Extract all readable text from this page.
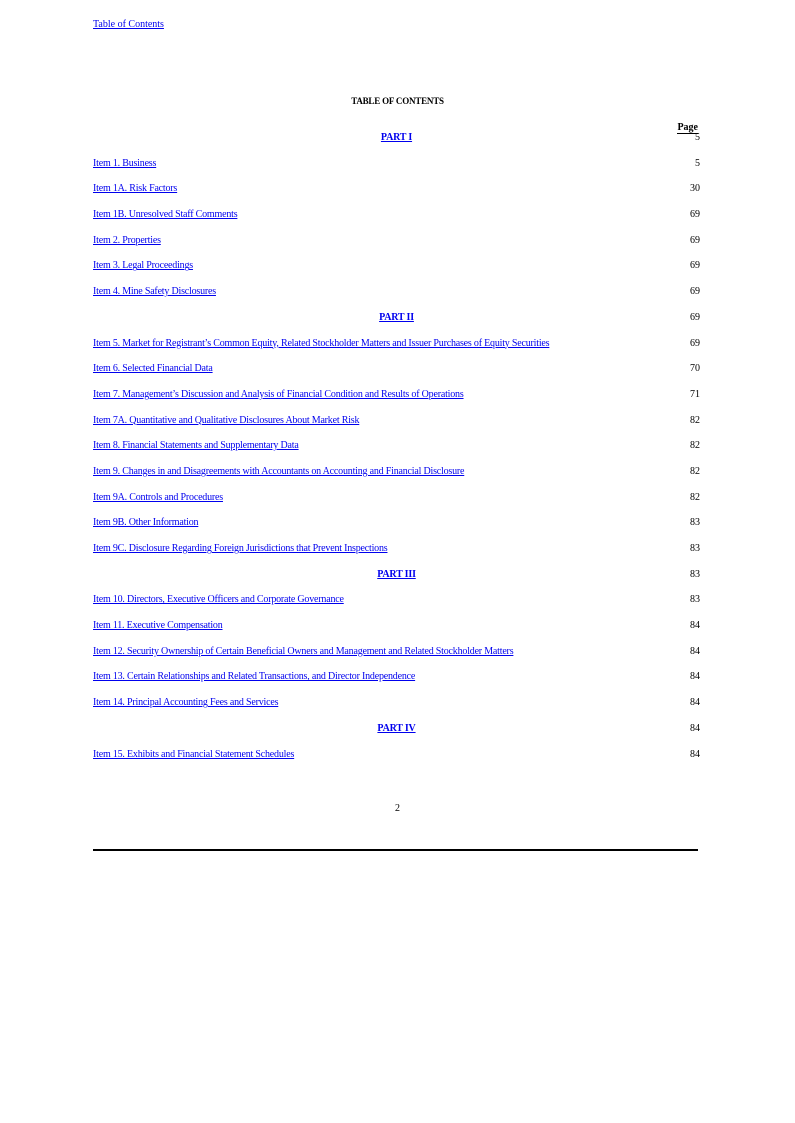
Table of Contents
TABLE OF CONTENTS
Page
PART I	5
Item 1. Business	5
Item 1A. Risk Factors	30
Item 1B. Unresolved Staff Comments	69
Item 2. Properties	69
Item 3. Legal Proceedings	69
Item 4. Mine Safety Disclosures	69
PART II	69
Item 5. Market for Registrant’s Common Equity, Related Stockholder Matters and Issuer Purchases of Equity Securities	69
Item 6. Selected Financial Data	70
Item 7. Management’s Discussion and Analysis of Financial Condition and Results of Operations	71
Item 7A. Quantitative and Qualitative Disclosures About Market Risk	82
Item 8. Financial Statements and Supplementary Data	82
Item 9. Changes in and Disagreements with Accountants on Accounting and Financial Disclosure	82
Item 9A. Controls and Procedures	82
Item 9B. Other Information	83
Item 9C. Disclosure Regarding Foreign Jurisdictions that Prevent Inspections	83
PART III	83
Item 10. Directors, Executive Officers and Corporate Governance	83
Item 11. Executive Compensation	84
Item 12. Security Ownership of Certain Beneficial Owners and Management and Related Stockholder Matters	84
Item 13. Certain Relationships and Related Transactions, and Director Independence	84
Item 14. Principal Accounting Fees and Services	84
PART IV	84
Item 15. Exhibits and Financial Statement Schedules	84
2
